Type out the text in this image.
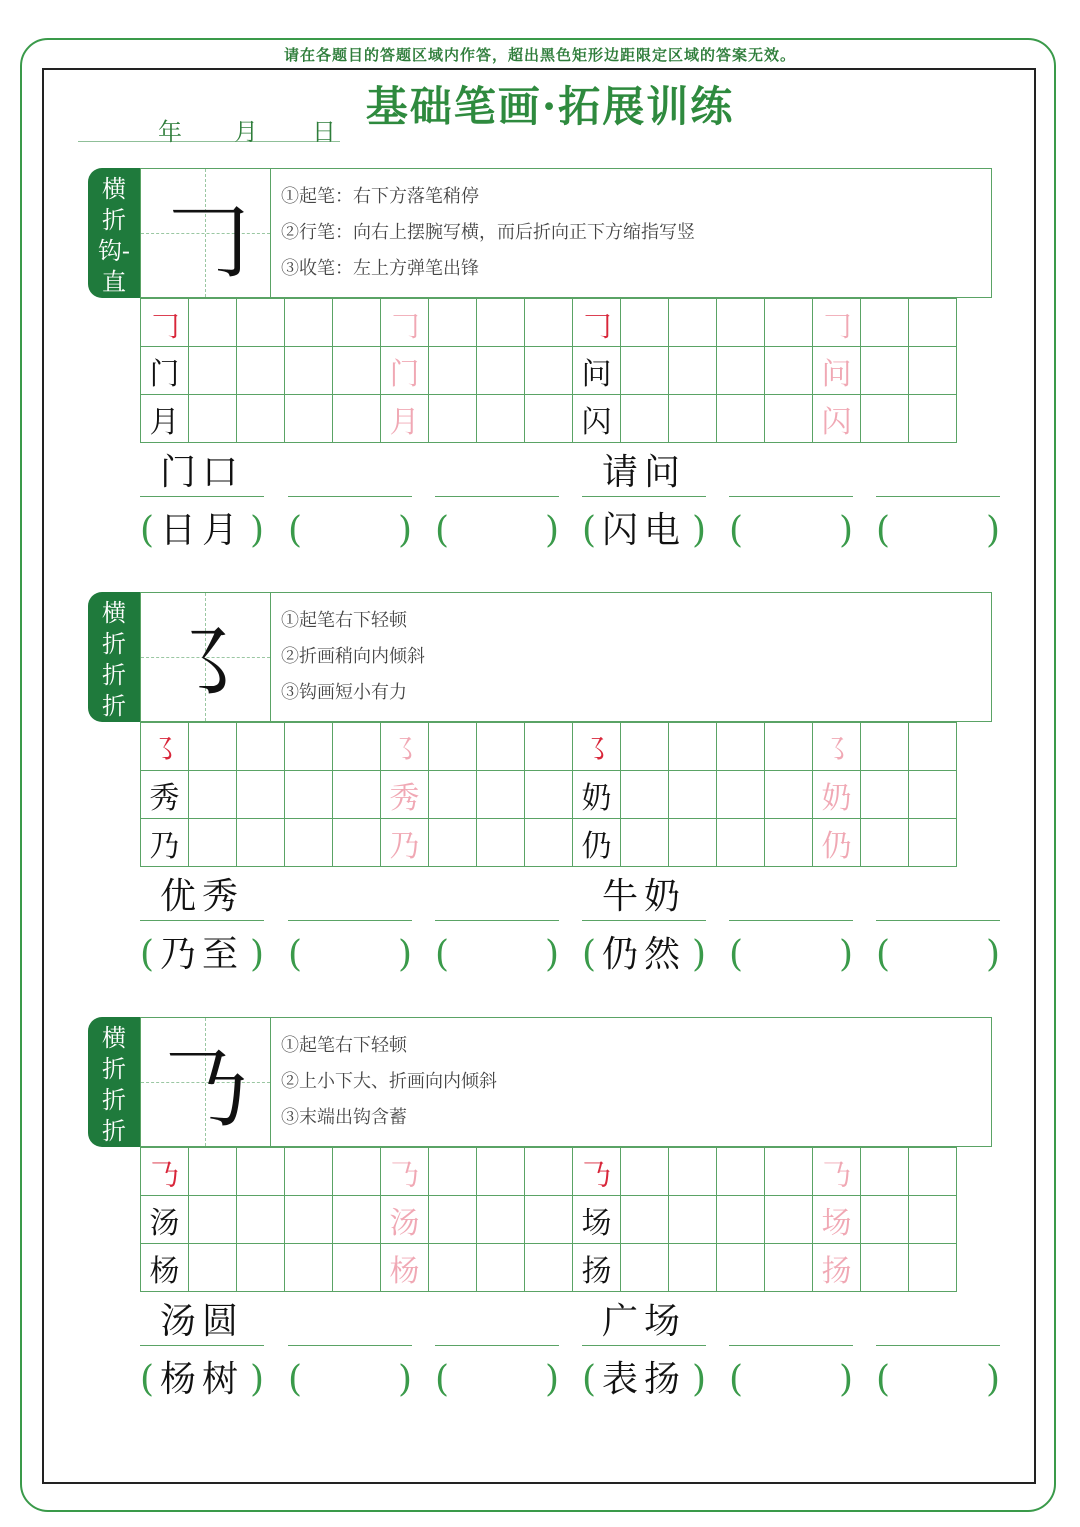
请在各题目的答题区域内作答，超出黑色矩形边距限定区域的答案无效。
基础笔画·拓展训练
年 月 日
横
折
钩-
直 𠃌	①起笔：右下方落笔稍停
②行笔：向右上摆腕写横，而后折向正下方缩指写竖
③收笔：左上方弹笔出锋
𠃌	𠃌	𠃌	𠃌
门	门	问	问
月	月	闪	闪
门口	请问
( 日月 ) (	) (	) ( 闪电 ) (	) (	)
横
折
折
折 ㇌	①起笔右下轻顿
②折画稍向内倾斜
③钩画短小有力
㇌	㇌	㇌	㇌
秀	秀	奶	奶
乃	乃	仍	仍
优秀	牛奶
( 乃至 ) (	) (	) ( 仍然 ) (	) (	)
横
折
折
折 𠄎	①起笔右下轻顿
②上小下大、折画向内倾斜
③末端出钩含蓄
𠄎	𠄎	𠄎	𠄎
汤	汤	场	场
杨	杨	扬	扬
汤圆	广场
( 杨树 ) (	) (	) ( 表扬 ) (	) (	)
